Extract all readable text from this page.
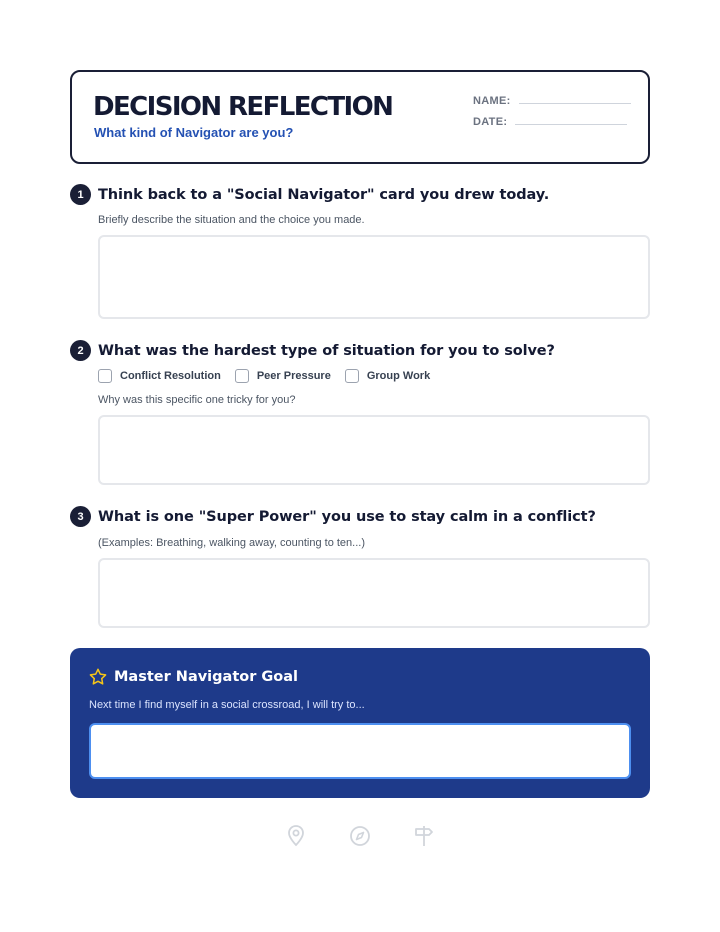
DECISION REFLECTION
What kind of Navigator are you?
NAME:
DATE:
1 Think back to a "Social Navigator" card you drew today.
Briefly describe the situation and the choice you made.
2 What was the hardest type of situation for you to solve?
Conflict Resolution	Peer Pressure	Group Work
Why was this specific one tricky for you?
3 What is one "Super Power" you use to stay calm in a conflict?
(Examples: Breathing, walking away, counting to ten...)
Master Navigator Goal
Next time I find myself in a social crossroad, I will try to...
